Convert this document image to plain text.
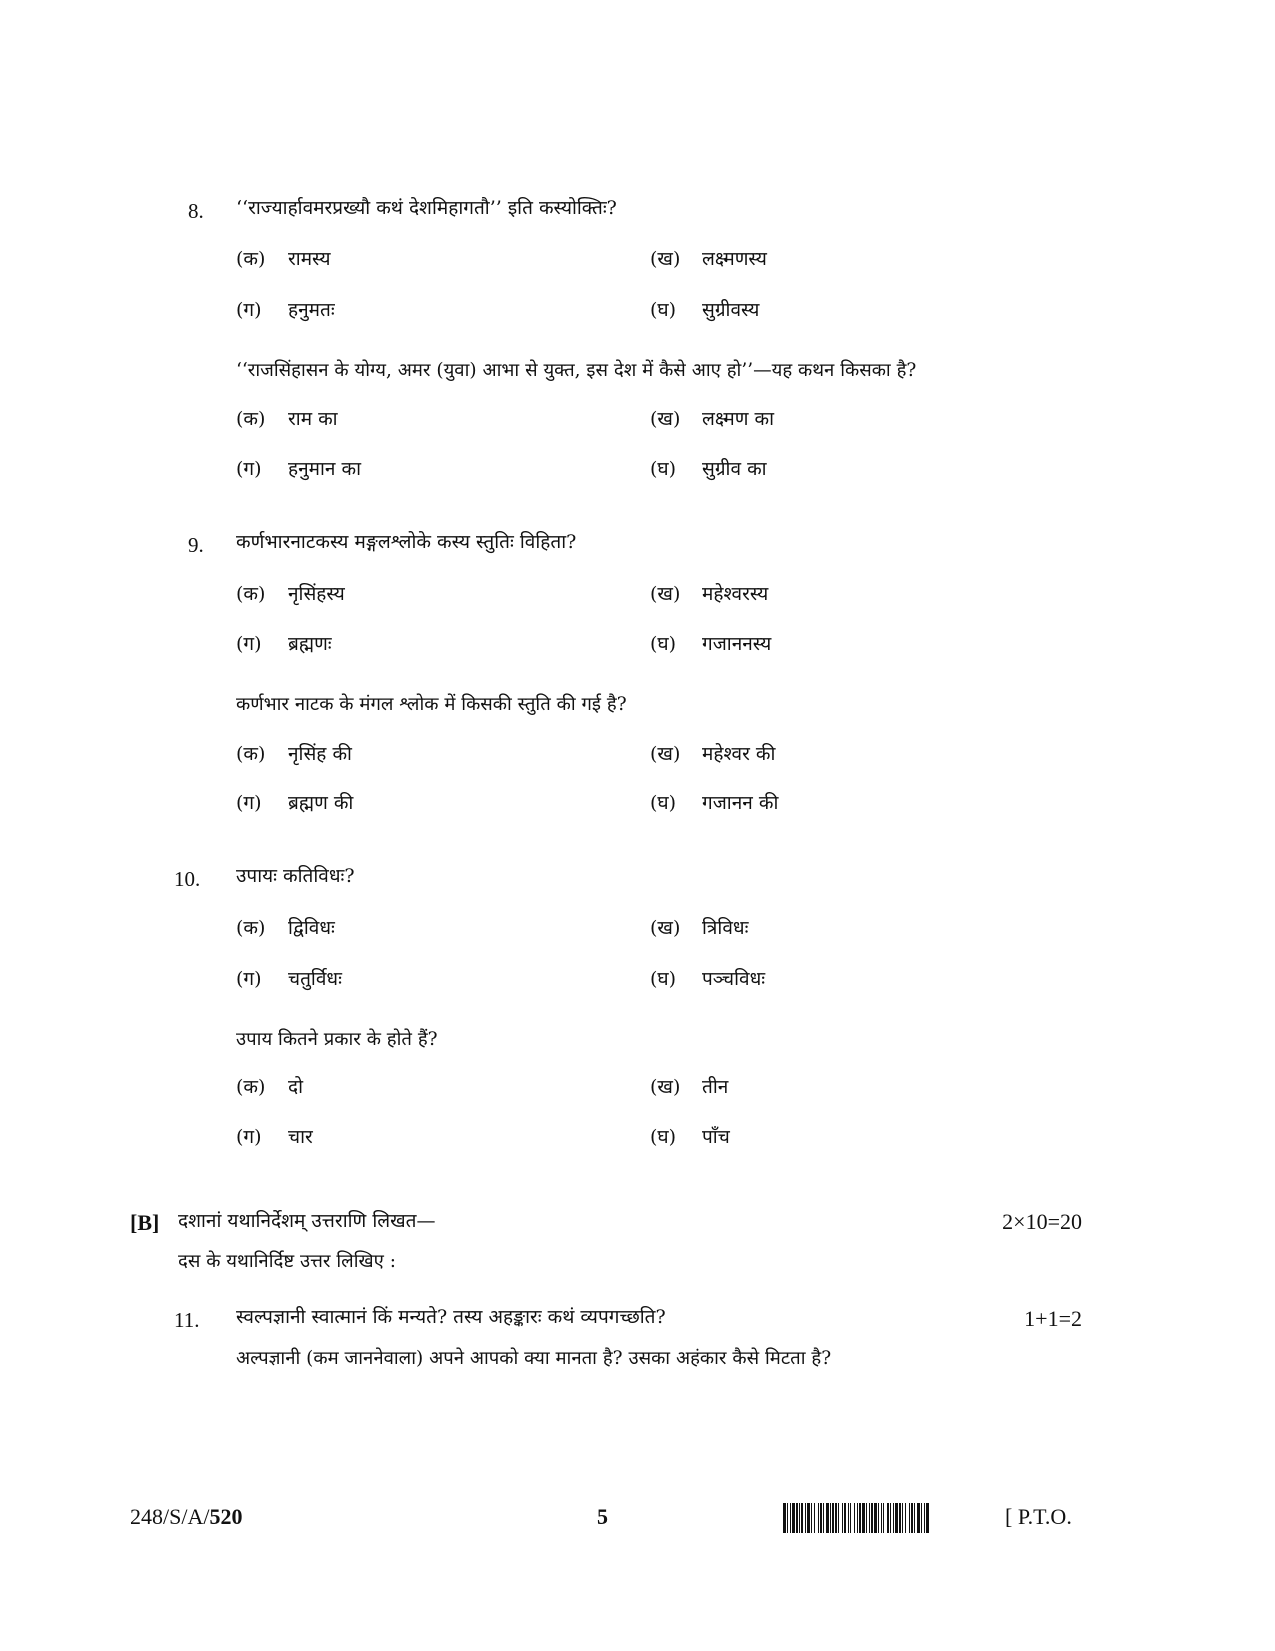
8. ‘‘राज्यार्हावमरप्रख्यौ कथं देशमिहागतौ’’ इति कस्योक्तिः?
(क) रामस्य	(ख) लक्ष्मणस्य
(ग) हनुमतः	(घ) सुग्रीवस्य
‘‘राजसिंहासन के योग्य, अमर (युवा) आभा से युक्त, इस देश में कैसे आए हो’’—यह कथन किसका है?
(क) राम का	(ख) लक्ष्मण का
(ग) हनुमान का	(घ) सुग्रीव का
9. कर्णभारनाटकस्य मङ्गलश्लोके कस्य स्तुतिः विहिता?
(क) नृसिंहस्य	(ख) महेश्वरस्य
(ग) ब्रह्मणः	(घ) गजाननस्य
कर्णभार नाटक के मंगल श्लोक में किसकी स्तुति की गई है?
(क) नृसिंह की	(ख) महेश्वर की
(ग) ब्रह्मण की	(घ) गजानन की
10. उपायः कतिविधः?
(क) द्विविधः	(ख) त्रिविधः
(ग) चतुर्विधः	(घ) पञ्चविधः
उपाय कितने प्रकार के होते हैं?
(क) दो	(ख) तीन
(ग) चार	(घ) पाँच
[B] दशानां यथानिर्देशम् उत्तराणि लिखत—	2×10=20
दस के यथानिर्दिष्ट उत्तर लिखिए :
11. स्वल्पज्ञानी स्वात्मानं किं मन्यते? तस्य अहङ्कारः कथं व्यपगच्छति?	1+1=2
अल्पज्ञानी (कम जाननेवाला) अपने आपको क्या मानता है? उसका अहंकार कैसे मिटता है?
248/S/A/520	5	[ P.T.O.
